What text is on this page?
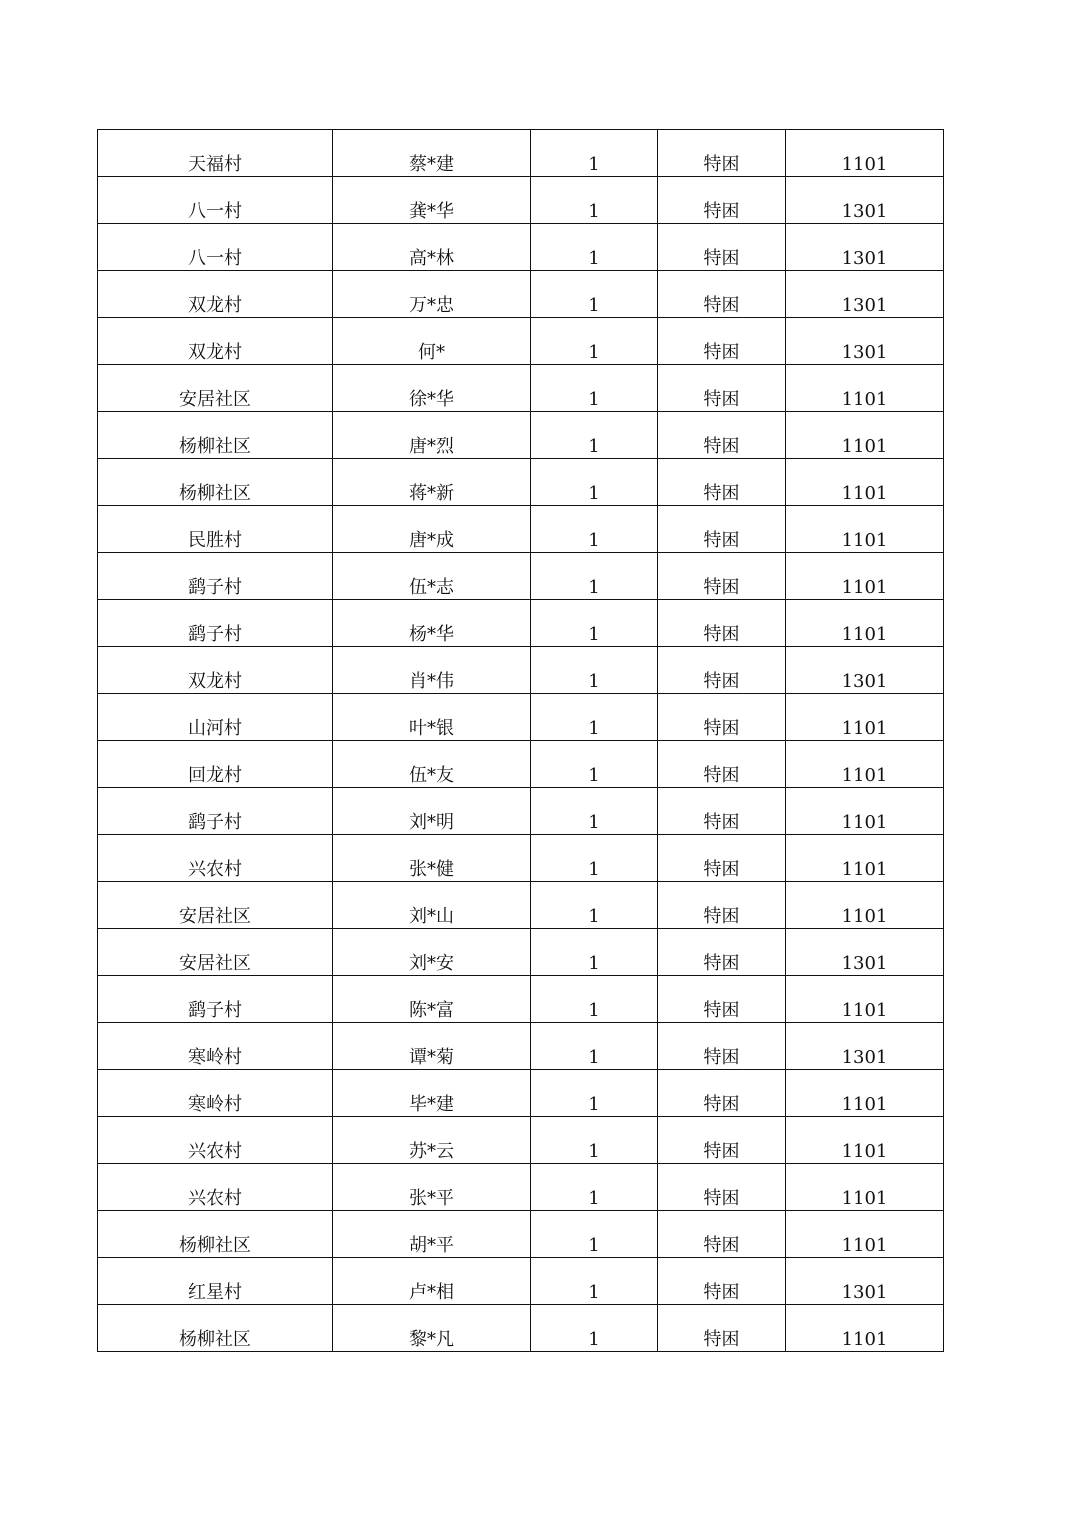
天福村	蔡*建	1	特困	1101
八一村	龚*华	1	特困	1301
八一村	高*林	1	特困	1301
双龙村	万*忠	1	特困	1301
双龙村	何*	1	特困	1301
安居社区	徐*华	1	特困	1101
杨柳社区	唐*烈	1	特困	1101
杨柳社区	蒋*新	1	特困	1101
民胜村	唐*成	1	特困	1101
鹞子村	伍*志	1	特困	1101
鹞子村	杨*华	1	特困	1101
双龙村	肖*伟	1	特困	1301
山河村	叶*银	1	特困	1101
回龙村	伍*友	1	特困	1101
鹞子村	刘*明	1	特困	1101
兴农村	张*健	1	特困	1101
安居社区	刘*山	1	特困	1101
安居社区	刘*安	1	特困	1301
鹞子村	陈*富	1	特困	1101
寒岭村	谭*菊	1	特困	1301
寒岭村	毕*建	1	特困	1101
兴农村	苏*云	1	特困	1101
兴农村	张*平	1	特困	1101
杨柳社区	胡*平	1	特困	1101
红星村	卢*相	1	特困	1301
杨柳社区	黎*凡	1	特困	1101
